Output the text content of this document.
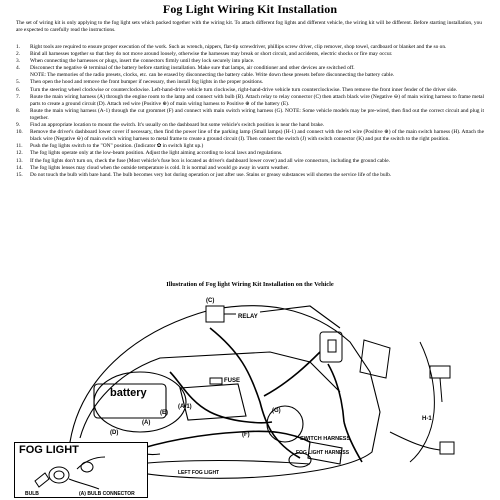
Fog Light Wiring Kit Installation
The set of wiring kit is only applying to the fog light sets which packed together with the wiring kit. To attach different fog lights and different vehicle, the wiring kit will be different. Before starting installation, you are expected to carefully read the instructions.
1. Right tools are required to ensure proper execution of the work. Such as wrench, nippers, flat-tip screwdriver, phillips screw driver, clip remover, shop towel, cardboard or blanket and the so on.
2. Bind all harnesses together so that they do not move around loosely, otherwise the harnesses may break or short circuit, and accidents, electric shocks or fire may occur.
3. When connecting the harnesses or plugs, insert the connectors firmly until they lock securely into place.
4. Disconnect the negative ⊖ terminal of the battery before starting installation. Make sure that lamps, air conditioner and other devices are switched off.
NOTE: The memories of the radio presets, clocks, etc. can be erased by disconnecting the battery cable. Write down these presets before disconnecting the battery cable.
5. Then open the hood and remove the front bumper if necessary, then install fog lights in the proper positions.
6. Turn the steering wheel clockwise or counterclockwise. Left-hand-drive vehicle turn clockwise, right-hand-drive vehicle turn counterclockwise. Then remove the front inner fender of the driver side.
7. Route the main wiring harness (A) through the engine room to the lamp and connect with bulb (B). Attach relay to relay connector (C) then attach black wire (Negative ⊖) of main wiring harness to frame metal parts to create a ground circuit (D). Attach red wire (Positive ⊕) of main wiring harness to Positive ⊕ of the battery (E).
8. Route the main wiring harness (A-1) through the cut grommet (F) and connect with main switch wiring harness (G). NOTE: Some vehicle models may be pre-wired, then find out the correct circuit and plug it together.
9. Find an appropriate location to mount the switch. It's usually on the dashboard but some vehicle's switch position is near the hand brake.
10. Remove the driver's dashboard lower cover if necessary, then find the power line of the parking lamp (Small lamps) (H-1) and connect with the red wire (Positive ⊕) of the main switch harness (H). Attach the black wire (Negative ⊖) of main switch wiring harness to metal frame to create a ground circuit (I). Then connect the switch (J) with switch connector (K) and put the switch to the right position.
11. Push the fog lights switch to the "ON" position. (Indicator ✿ in switch light up.)
12. The fog lights operate only at the low-beam position. Adjust the light aiming according to local laws and regulations.
13. If the fog lights don't turn on, check the fuse (Most vehicle's fuse box is located as driver's dashboard lower cover) and all wire connectors, including the ground cable.
14. The fog lights lenses may cloud when the outside temperature is cold. It is normal and would go away in warm weather.
15. Do not touch the bulb with bare hand. The bulb becomes very hot during operation or just after use. Stains or greasy substances will shorten the service life of the bulb.
Illustration of Fog light Wiring Kit Installation on the Vehicle
(C)
RELAY
battery
FUSE
(A-1)
(E)
(A)
(D)	(F)
(G)
LEFT FOG LIGHT
SWITCH HARNESS
FOG LIGHT HARNESS
H-1
FOG LIGHT
BULB	(A) BULB CONNECTOR
